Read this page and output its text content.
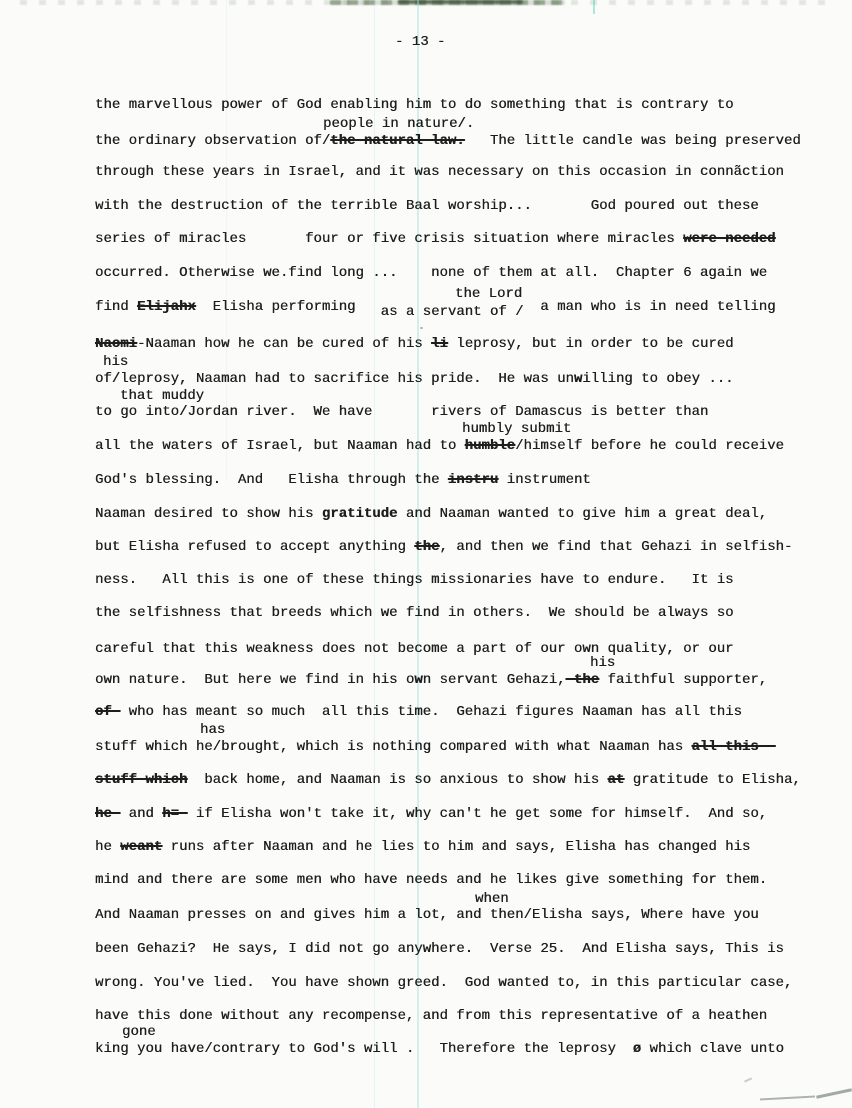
- 13 -
the marvellous power of God enabling him to do something that is contrary to
people in nature/.
the ordinary observation of/the-natural-law.   The little candle was being preserved
through these years in Israel, and it was necessary on this occasion in connãction
with the destruction of the terrible Baal worship...       God poured out these
series of miracles       four or five crisis situation where miracles were-needed
occurred. Otherwise we.find long ...    none of them at all.  Chapter 6 again we
the Lord
find Elijahx  Elisha performing   as a servant of /  a man who is in need telling
Naomi-Naaman how he can be cured of his li leprosy, but in order to be cured
his
of/leprosy, Naaman had to sacrifice his pride.  He was unwilling to obey ...
that muddy
to go into/Jordan river.  We have       rivers of Damascus is better than
humbly submit
all the waters of Israel, but Naaman had to humble/himself before he could receive
God's blessing.  And   Elisha through the instru instrument
Naaman desired to show his gratitude and Naaman wanted to give him a great deal,
but Elisha refused to accept anything the, and then we find that Gehazi in selfish-
ness.   All this is one of these things missionaries have to endure.   It is
the selfishness that breeds which we find in others.  We should be always so
careful that this weakness does not become a part of our own quality, or our
his
own nature.  But here we find in his own servant Gehazi,-the faithful supporter,
of- who has meant so much  all this time.  Gehazi figures Naaman has all this
has
stuff which he/brought, which is nothing compared with what Naaman has all-this--
stuff-which  back home, and Naaman is so anxious to show his at gratitude to Elisha,
he- and h=- if Elisha won't take it, why can't he get some for himself.  And so,
he weant runs after Naaman and he lies to him and says, Elisha has changed his
mind and there are some men who have needs and he likes give something for them.
when
And Naaman presses on and gives him a lot, and then/Elisha says, Where have you
been Gehazi?  He says, I did not go anywhere.  Verse 25.  And Elisha says, This is
wrong. You've lied.  You have shown greed.  God wanted to, in this particular case,
have this done without any recompense, and from this representative of a heathen
gone
king you have/contrary to God's will .   Therefore the leprosy  ø which clave unto
